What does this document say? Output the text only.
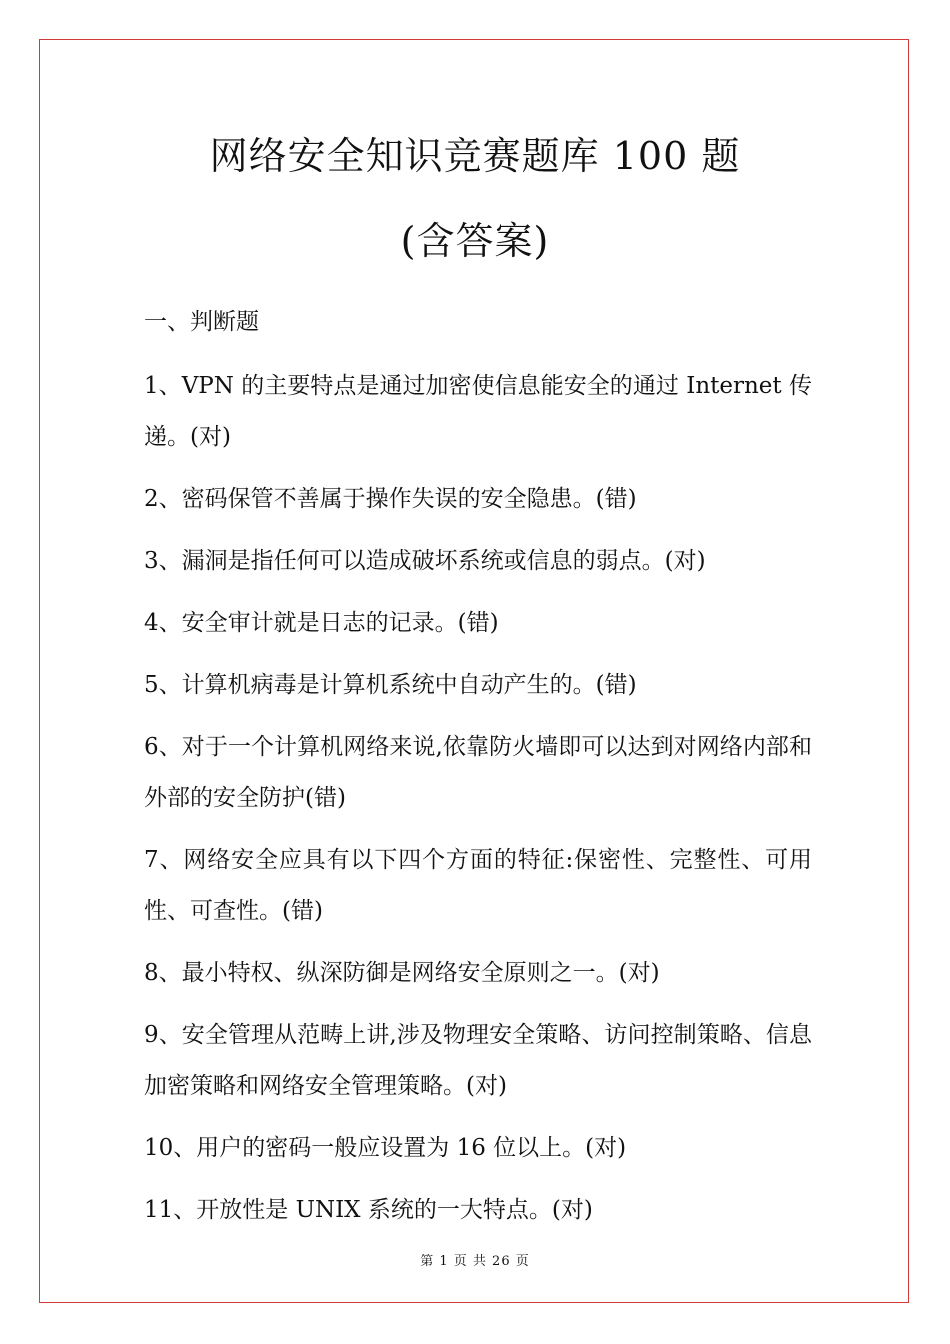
网络安全知识竞赛题库 100 题
(含答案)
一、判断题
1、VPN 的主要特点是通过加密使信息能安全的通过 Internet 传递。(对)
2、密码保管不善属于操作失误的安全隐患。(错)
3、漏洞是指任何可以造成破坏系统或信息的弱点。(对)
4、安全审计就是日志的记录。(错)
5、计算机病毒是计算机系统中自动产生的。(错)
6、对于一个计算机网络来说,依靠防火墙即可以达到对网络内部和外部的安全防护(错)
7、网络安全应具有以下四个方面的特征:保密性、完整性、可用性、可查性。(错)
8、最小特权、纵深防御是网络安全原则之一。(对)
9、安全管理从范畴上讲,涉及物理安全策略、访问控制策略、信息加密策略和网络安全管理策略。(对)
10、用户的密码一般应设置为 16 位以上。(对)
11、开放性是 UNIX 系统的一大特点。(对)
第 1 页 共 26 页
